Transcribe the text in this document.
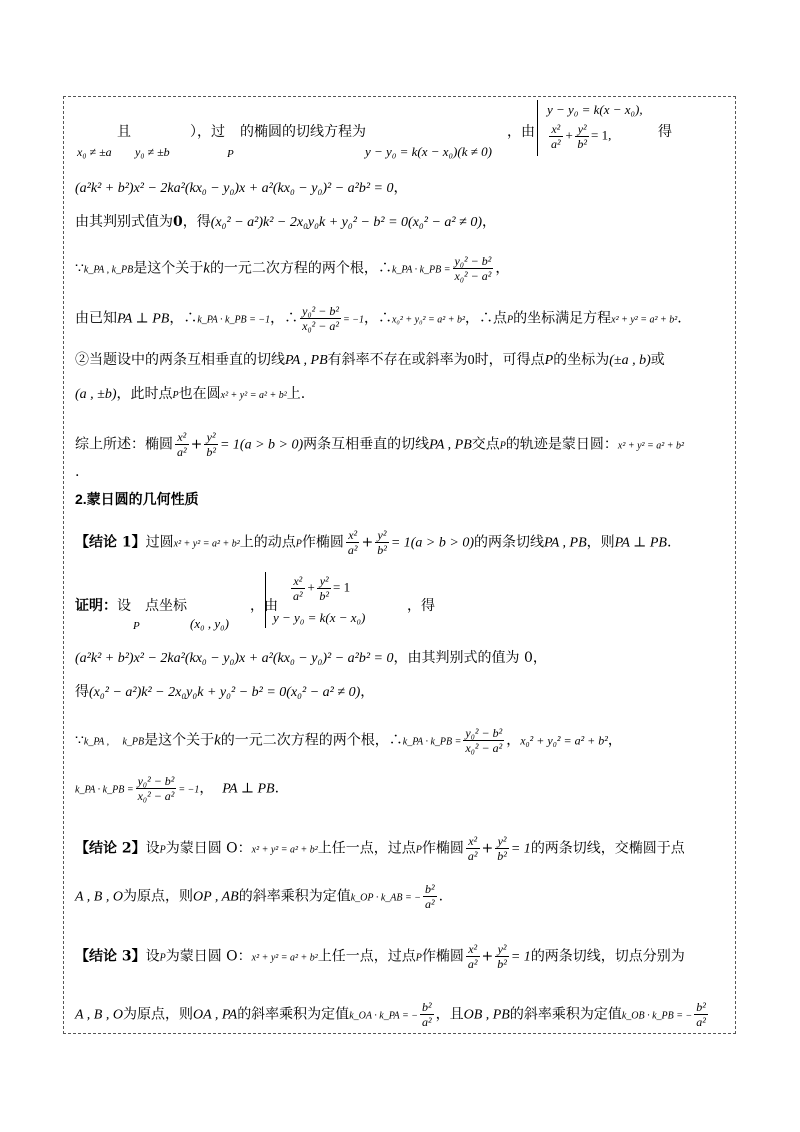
且	），过 的椭圆的切线方程为
x₀ ≠ ±a y₀ ≠ ±b	P	y − y₀ = k(x − x₀)(k ≠ 0)
，由
y − y₀ = k(x − x₀),
$\frac{\text{x²}}{\text{a²}} + \frac{\text{y²}}{\text{b²}} = 1$,	得
(a²k² + b²)x² − 2ka²(kx₀ − y₀)x + a²(kx₀ − y₀)² − a²b² = 0，
由其判别式值为0，得(x₀² − a²)k² − 2x₀y₀k + y₀² − b² = 0(x₀² − a² ≠ 0)，
∵k_PA , k_PB是这个关于k的一元二次方程的两个根，∴k_PA · k_PB = $\frac{\text{y₀² − b²}}{\text{x₀² − a²}}$ ，
由已知PA ⊥ PB，∴k_PA · k_PB = −1，∴ $\frac{\text{y₀² − b²}}{\text{x₀² − a²}} = -1$，∴x₀² + y₀² = a² + b²，∴点P的坐标满足方程x² + y² = a² + b².
②当题设中的两条互相垂直的切线PA , PB有斜率不存在或斜率为0时，可得点P的坐标为(±a , b)或
(a , ±b)，此时点P也在圆x² + y² = a² + b²上.
综上所述：椭圆 $\frac{\text{x²}}{\text{a²}} + \frac{\text{y²}}{\text{b²}} = 1(a > b > 0)$两条互相垂直的切线PA , PB交点P的轨迹是蒙日圆：x² + y² = a² + b²
.
2.蒙日圆的几何性质
【结论 1】过圆x² + y² = a² + b²上的动点P作椭圆 $\frac{\text{x²}}{\text{a²}} + \frac{\text{y²}}{\text{b²}} = 1(a > b > 0)$的两条切线PA , PB，则PA ⊥ PB.
证明： 设
P
点坐标
(x₀ , y₀)
，由	，得
$\frac{\text{x²}}{\text{a²}} + \frac{\text{y²}}{\text{b²}} = 1$
y − y₀ = k(x − x₀)
(a²k² + b²)x² − 2ka²(kx₀ − y₀)x + a²(kx₀ − y₀)² − a²b² = 0，由其判别式的值为 0，
得(x₀² − a²)k² − 2x₀y₀k + y₀² − b² = 0(x₀² − a² ≠ 0)，
∵k_PA , k_PB是这个关于k的一元二次方程的两个根，∴k_PA · k_PB = $\frac{\text{y₀² − b²}}{\text{x₀² − a²}}$ ，x₀² + y₀² = a² + b²，
k_PA · k_PB = $\frac{\text{y₀² − b²}}{\text{x₀² − a²}} = -1$， PA ⊥ PB.
【结论 2】设P为蒙日圆 O：x² + y² = a² + b²上任一点，过点P作椭圆 $\frac{\text{x²}}{\text{a²}} + \frac{\text{y²}}{\text{b²}} = 1$的两条切线，交椭圆于点
A , B , O为原点，则OP , AB的斜率乘积为定值k_OP · k_AB = − $\frac{\text{b²}}{\text{a²}}$ .
【结论 3】设P为蒙日圆 O：x² + y² = a² + b²上任一点，过点P作椭圆 $\frac{\text{x²}}{\text{a²}} + \frac{\text{y²}}{\text{b²}} = 1$的两条切线，切点分别为
A , B , O为原点，则OA , PA的斜率乘积为定值k_OA · k_PA = − $\frac{\text{b²}}{\text{a²}}$ ，且OB , PB的斜率乘积为定值k_OB · k_PB = − $\frac{\text{b²}}{\text{a²}}$
